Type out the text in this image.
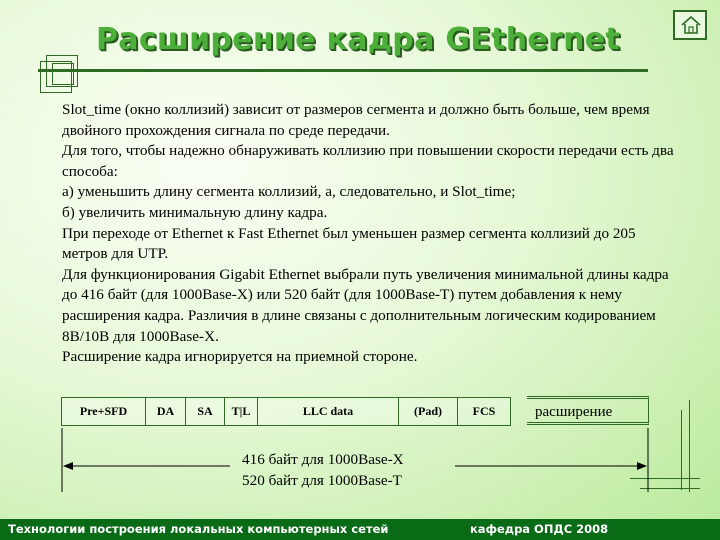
Расширение кадра GEthernet

Slot_time (окно коллизий) зависит от размеров сегмента и должно быть больше, чем время двойного прохождения сигнала по среде передачи.

Для того, чтобы надежно обнаруживать коллизию при повышении скорости передачи есть два способа:

а) уменьшить длину сегмента коллизий, а, следовательно, и Slot_time;

б) увеличить минимальную длину кадра.

При переходе от Ethernet к Fast Ethernet был уменьшен размер сегмента коллизий до 205 метров для UTP.

Для функционирования Gigabit Ethernet выбрали путь увеличения минимальной длины кадра до 416 байт (для 1000Base-X) или 520 байт (для 1000Base-T) путем добавления к нему расширения кадра. Различия в длине связаны с дополнительным логическим кодированием 8B/10B для 1000Base-X.

Расширение кадра игнорируется на приемной стороне.

Pre+SFD	DA	SA	T|L	LLC data	(Pad)	FCS	расширение
416 байт для 1000Base-X
520 байт для 1000Base-T
Технологии построения локальных компьютерных сетей	кафедра ОПДС 2008
